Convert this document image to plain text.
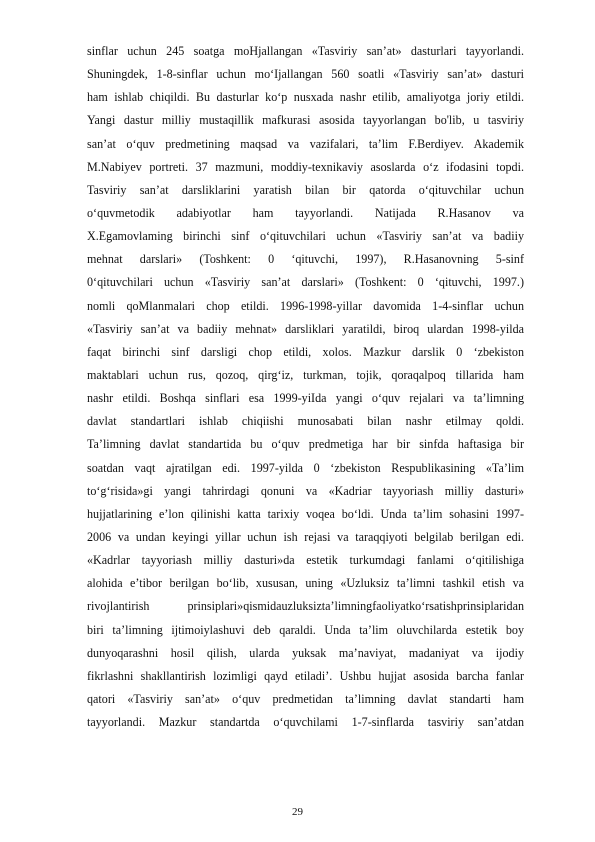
sinflar uchun 245 soatga moHjallangan «Tasviriy san’at» dasturlari tayyorlandi.
Shuningdek, 1-8-sinflar uchun mo‘Ijallangan 560 soatli «Tasviriy san’at» dasturi
ham ishlab chiqildi. Bu dasturlar ko‘p nusxada nashr etilib, amaliyotga joriy etildi.
Yangi dastur milliy mustaqillik mafkurasi asosida tayyorlangan bo'lib, u tasviriy
san’at o‘quv predmetining maqsad va vazifalari, ta’lim F.Berdiyev. Akademik
M.Nabiyev portreti. 37 mazmuni, moddiy-texnikaviy asoslarda o‘z ifodasini topdi.
Tasviriy san’at darsliklarini yaratish bilan bir qatorda o‘qituvchilar uchun
o‘quvmetodik adabiyotlar ham tayyorlandi. Natijada R.Hasanov va
X.Egamovlaming birinchi sinf o‘qituvchilari uchun «Tasviriy san’at va badiiy
mehnat darslari» (Toshkent: 0 ‘qituvchi, 1997), R.Hasanovning 5-sinf
0‘qituvchilari uchun «Tasviriy san’at darslari» (Toshkent: 0 ‘qituvchi, 1997.)
nomli qoMlanmalari chop etildi. 1996-1998-yillar davomida 1-4-sinflar uchun
«Tasviriy san’at va badiiy mehnat» darsliklari yaratildi, biroq ulardan 1998-yilda
faqat birinchi sinf darsligi chop etildi, xolos. Mazkur darslik 0 ‘zbekiston
maktablari uchun rus, qozoq, qirg‘iz, turkman, tojik, qoraqalpoq tillarida ham
nashr etildi. Boshqa sinflari esa 1999-yiIda yangi o‘quv rejalari va ta’limning
davlat standartlari ishlab chiqiishi munosabati bilan nashr etilmay qoldi.
Ta’limning davlat standartida bu o‘quv predmetiga har bir sinfda haftasiga bir
soatdan vaqt ajratilgan edi. 1997-yilda 0 ‘zbekiston Respublikasining «Ta’lim
to‘g‘risida»gi yangi tahrirdagi qonuni va «Kadriar tayyoriash milliy dasturi»
hujjatlarining e’lon qilinishi katta tarixiy voqea bo‘ldi. Unda ta’lim sohasini 1997-
2006 va undan keyingi yillar uchun ish rejasi va taraqqiyoti belgilab berilgan edi.
«Kadrlar tayyoriash milliy dasturi»da estetik turkumdagi fanlami o‘qitilishiga
alohida e’tibor berilgan bo‘lib, xususan, uning «Uzluksiz ta’limni tashkil etish va
rivojlantirish prinsiplari»qismidauzluksizta’limningfaoliyatko‘rsatishprinsiplaridan
biri ta’limning ijtimoiylashuvi deb qaraldi. Unda ta’lim oluvchilarda estetik boy
dunyoqarashni hosil qilish, ularda yuksak ma’naviyat, madaniyat va ijodiy
fikrlashni shakllantirish lozimligi qayd etiladi’. Ushbu hujjat asosida barcha fanlar
qatori «Tasviriy san’at» o‘quv predmetidan ta’limning davlat standarti ham
tayyorlandi. Mazkur standartda o‘quvchilami 1-7-sinflarda tasviriy san’atdan
29
